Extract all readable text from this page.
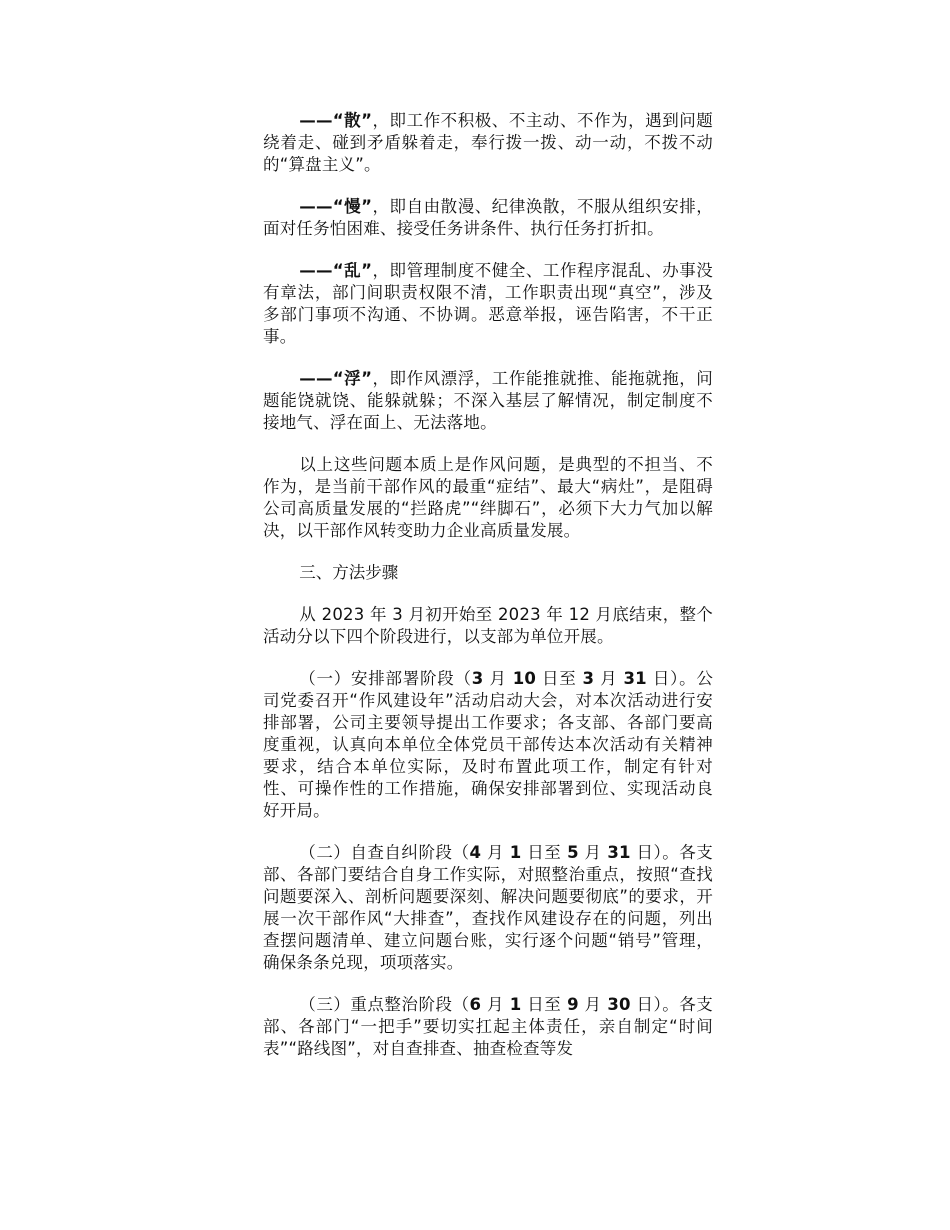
——“散”，即工作不积极、不主动、不作为，遇到问题绕着走、碰到矛盾躲着走，奉行拨一拨、动一动，不拨不动的“算盘主义”。

——“慢”，即自由散漫、纪律涣散，不服从组织安排，面对任务怕困难、接受任务讲条件、执行任务打折扣。

——“乱”，即管理制度不健全、工作程序混乱、办事没有章法，部门间职责权限不清，工作职责出现“真空”，涉及多部门事项不沟通、不协调。恶意举报，诬告陷害，不干正事。

——“浮”，即作风漂浮，工作能推就推、能拖就拖，问题能饶就饶、能躲就躲；不深入基层了解情况，制定制度不接地气、浮在面上、无法落地。

以上这些问题本质上是作风问题，是典型的不担当、不作为，是当前干部作风的最重“症结”、最大“病灶”，是阻碍公司高质量发展的“拦路虎”“绊脚石”，必须下大力气加以解决，以干部作风转变助力企业高质量发展。

三、方法步骤

从 2023 年 3 月初开始至 2023 年 12 月底结束，整个活动分以下四个阶段进行，以支部为单位开展。

（一）安排部署阶段（3 月 10 日至 3 月 31 日）。公司党委召开“作风建设年”活动启动大会，对本次活动进行安排部署，公司主要领导提出工作要求；各支部、各部门要高度重视，认真向本单位全体党员干部传达本次活动有关精神要求，结合本单位实际，及时布置此项工作，制定有针对性、可操作性的工作措施，确保安排部署到位、实现活动良好开局。

（二）自查自纠阶段（4 月 1 日至 5 月 31 日）。各支部、各部门要结合自身工作实际，对照整治重点，按照“查找问题要深入、剖析问题要深刻、解决问题要彻底”的要求，开展一次干部作风“大排查”，查找作风建设存在的问题，列出查摆问题清单、建立问题台账，实行逐个问题“销号”管理，确保条条兑现，项项落实。

（三）重点整治阶段（6 月 1 日至 9 月 30 日）。各支部、各部门“一把手”要切实扛起主体责任，亲自制定“时间表”“路线图”，对自查排查、抽查检查等发
